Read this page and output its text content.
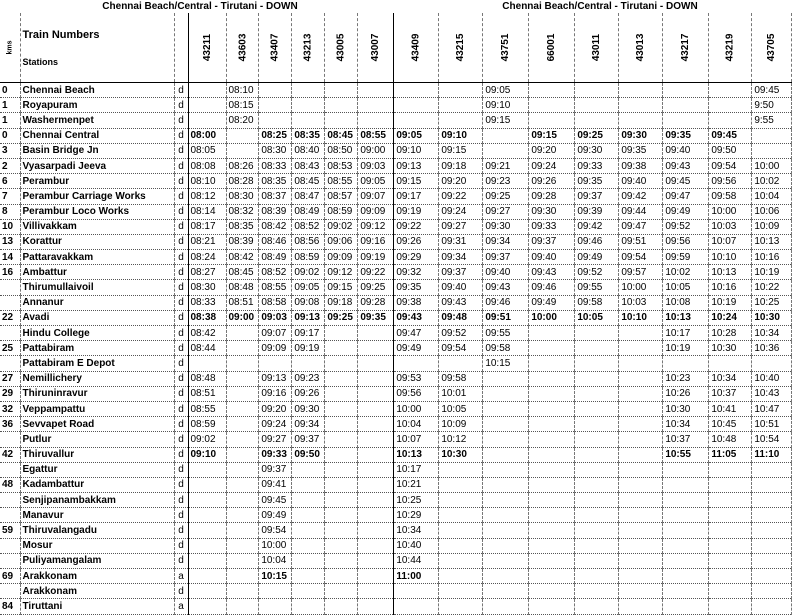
Chennai Beach/Central - Tirutani - DOWN	Chennai Beach/Central - Tirutani - DOWN
kms	Train Numbers
Stations		43211	43603	43407	43213	43005	43007	43409	43215	43751	66001	43011	43013	43217	43219	43705

0	Chennai Beach	d		08:10							09:05						09:45
1	Royapuram	d		08:15							09:10						9:50
1	Washermenpet	d		08:20							09:15						9:55
0	Chennai Central	d	08:00		08:25	08:35	08:45	08:55	09:05	09:10		09:15	09:25	09:30	09:35	09:45	
3	Basin Bridge Jn	d	08:05		08:30	08:40	08:50	09:00	09:10	09:15		09:20	09:30	09:35	09:40	09:50	
2	Vyasarpadi Jeeva	d	08:08	08:26	08:33	08:43	08:53	09:03	09:13	09:18	09:21	09:24	09:33	09:38	09:43	09:54	10:00
6	Perambur	d	08:10	08:28	08:35	08:45	08:55	09:05	09:15	09:20	09:23	09:26	09:35	09:40	09:45	09:56	10:02
7	Perambur Carriage Works	d	08:12	08:30	08:37	08:47	08:57	09:07	09:17	09:22	09:25	09:28	09:37	09:42	09:47	09:58	10:04
8	Perambur Loco Works	d	08:14	08:32	08:39	08:49	08:59	09:09	09:19	09:24	09:27	09:30	09:39	09:44	09:49	10:00	10:06
10	Villivakkam	d	08:17	08:35	08:42	08:52	09:02	09:12	09:22	09:27	09:30	09:33	09:42	09:47	09:52	10:03	10:09
13	Korattur	d	08:21	08:39	08:46	08:56	09:06	09:16	09:26	09:31	09:34	09:37	09:46	09:51	09:56	10:07	10:13
14	Pattaravakkam	d	08:24	08:42	08:49	08:59	09:09	09:19	09:29	09:34	09:37	09:40	09:49	09:54	09:59	10:10	10:16
16	Ambattur	d	08:27	08:45	08:52	09:02	09:12	09:22	09:32	09:37	09:40	09:43	09:52	09:57	10:02	10:13	10:19
	Thirumullaivoil	d	08:30	08:48	08:55	09:05	09:15	09:25	09:35	09:40	09:43	09:46	09:55	10:00	10:05	10:16	10:22
	Annanur	d	08:33	08:51	08:58	09:08	09:18	09:28	09:38	09:43	09:46	09:49	09:58	10:03	10:08	10:19	10:25
22	Avadi	d	08:38	09:00	09:03	09:13	09:25	09:35	09:43	09:48	09:51	10:00	10:05	10:10	10:13	10:24	10:30
	Hindu College	d	08:42		09:07	09:17			09:47	09:52	09:55				10:17	10:28	10:34
25	Pattabiram	d	08:44		09:09	09:19			09:49	09:54	09:58				10:19	10:30	10:36
	Pattabiram E Depot	d									10:15						
27	Nemillichery	d	08:48		09:13	09:23			09:53	09:58					10:23	10:34	10:40
29	Thiruninravur	d	08:51		09:16	09:26			09:56	10:01					10:26	10:37	10:43
32	Veppampattu	d	08:55		09:20	09:30			10:00	10:05					10:30	10:41	10:47
36	Sevvapet Road	d	08:59		09:24	09:34			10:04	10:09					10:34	10:45	10:51
	Putlur	d	09:02		09:27	09:37			10:07	10:12					10:37	10:48	10:54
42	Thiruvallur	d	09:10		09:33	09:50			10:13	10:30					10:55	11:05	11:10
	Egattur	d			09:37				10:17								
48	Kadambattur	d			09:41				10:21								
	Senjipanambakkam	d			09:45				10:25								
	Manavur	d			09:49				10:29								
59	Thiruvalangadu	d			09:54				10:34								
	Mosur	d			10:00				10:40								
	Puliyamangalam	d			10:04				10:44								
69	Arakkonam	a			10:15				11:00								
	Arakkonam	d															
84	Tiruttani	a															
